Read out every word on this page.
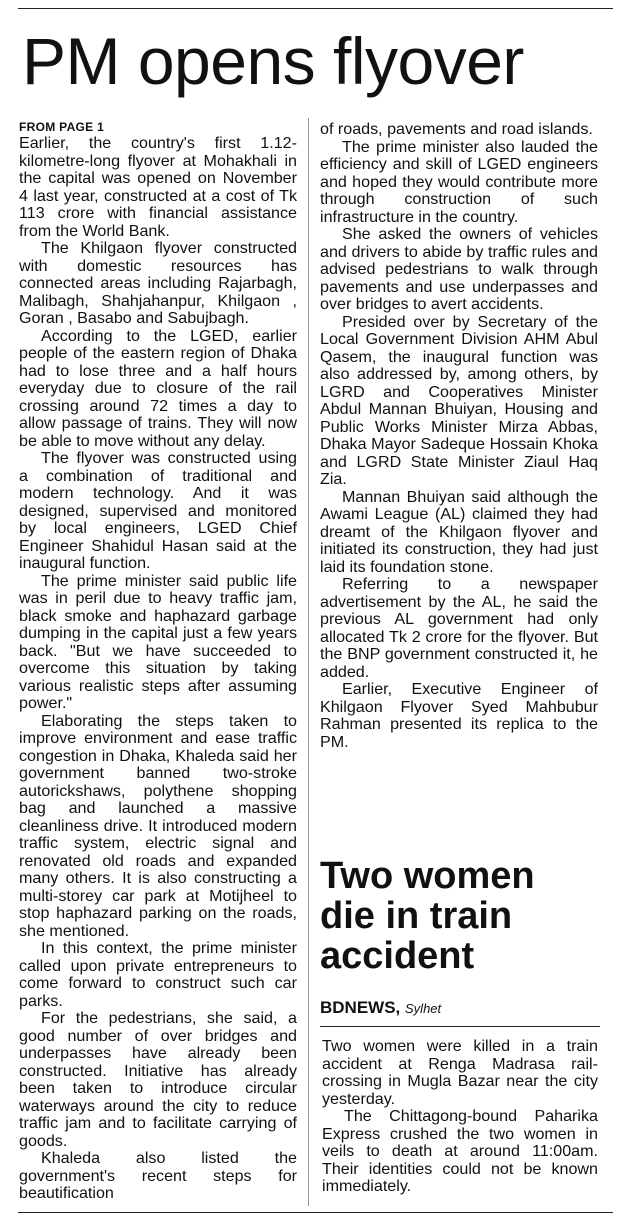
PM opens flyover
FROM PAGE 1

Earlier, the country's first 1.12-kilometre-long flyover at Mohakhali in the capital was opened on November 4 last year, constructed at a cost of Tk 113 crore with financial assistance from the World Bank.

The Khilgaon flyover constructed with domestic resources has connected areas including Rajarbagh, Malibagh, Shahjahanpur, Khilgaon , Goran , Basabo and Sabujbagh.

According to the LGED, earlier people of the eastern region of Dhaka had to lose three and a half hours everyday due to closure of the rail crossing around 72 times a day to allow passage of trains. They will now be able to move without any delay.

The flyover was constructed using a combination of traditional and modern technology. And it was designed, supervised and monitored by local engineers, LGED Chief Engineer Shahidul Hasan said at the inaugural function.

The prime minister said public life was in peril due to heavy traffic jam, black smoke and haphazard garbage dumping in the capital just a few years back. "But we have succeeded to overcome this situation by taking various realistic steps after assuming power."

Elaborating the steps taken to improve environment and ease traffic congestion in Dhaka, Khaleda said her government banned two-stroke autorickshaws, polythene shopping bag and launched a massive cleanliness drive. It introduced modern traffic system, electric signal and renovated old roads and expanded many others. It is also constructing a multi-storey car park at Motijheel to stop haphazard parking on the roads, she mentioned.

In this context, the prime minister called upon private entrepreneurs to come forward to construct such car parks.

For the pedestrians, she said, a good number of over bridges and underpasses have already been constructed. Initiative has already been taken to introduce circular waterways around the city to reduce traffic jam and to facilitate carrying of goods.

Khaleda also listed the government's recent steps for beautification

of roads, pavements and road islands.

The prime minister also lauded the efficiency and skill of LGED engineers and hoped they would contribute more through construction of such infrastructure in the country.

She asked the owners of vehicles and drivers to abide by traffic rules and advised pedestrians to walk through pavements and use underpasses and over bridges to avert accidents.

Presided over by Secretary of the Local Government Division AHM Abul Qasem, the inaugural function was also addressed by, among others, by LGRD and Cooperatives Minister Abdul Mannan Bhuiyan, Housing and Public Works Minister Mirza Abbas, Dhaka Mayor Sadeque Hossain Khoka and LGRD State Minister Ziaul Haq Zia.

Mannan Bhuiyan said although the Awami League (AL) claimed they had dreamt of the Khilgaon flyover and initiated its construction, they had just laid its foundation stone.

Referring to a newspaper advertisement by the AL, he said the previous AL government had only allocated Tk 2 crore for the flyover. But the BNP government constructed it, he added.

Earlier, Executive Engineer of Khilgaon Flyover Syed Mahbubur Rahman presented its replica to the PM.

Two women die in train accident
BDNEWS, Sylhet

Two women were killed in a train accident at Renga Madrasa rail-crossing in Mugla Bazar near the city yesterday.

The Chittagong-bound Paharika Express crushed the two women in veils to death at around 11:00am. Their identities could not be known immediately.
